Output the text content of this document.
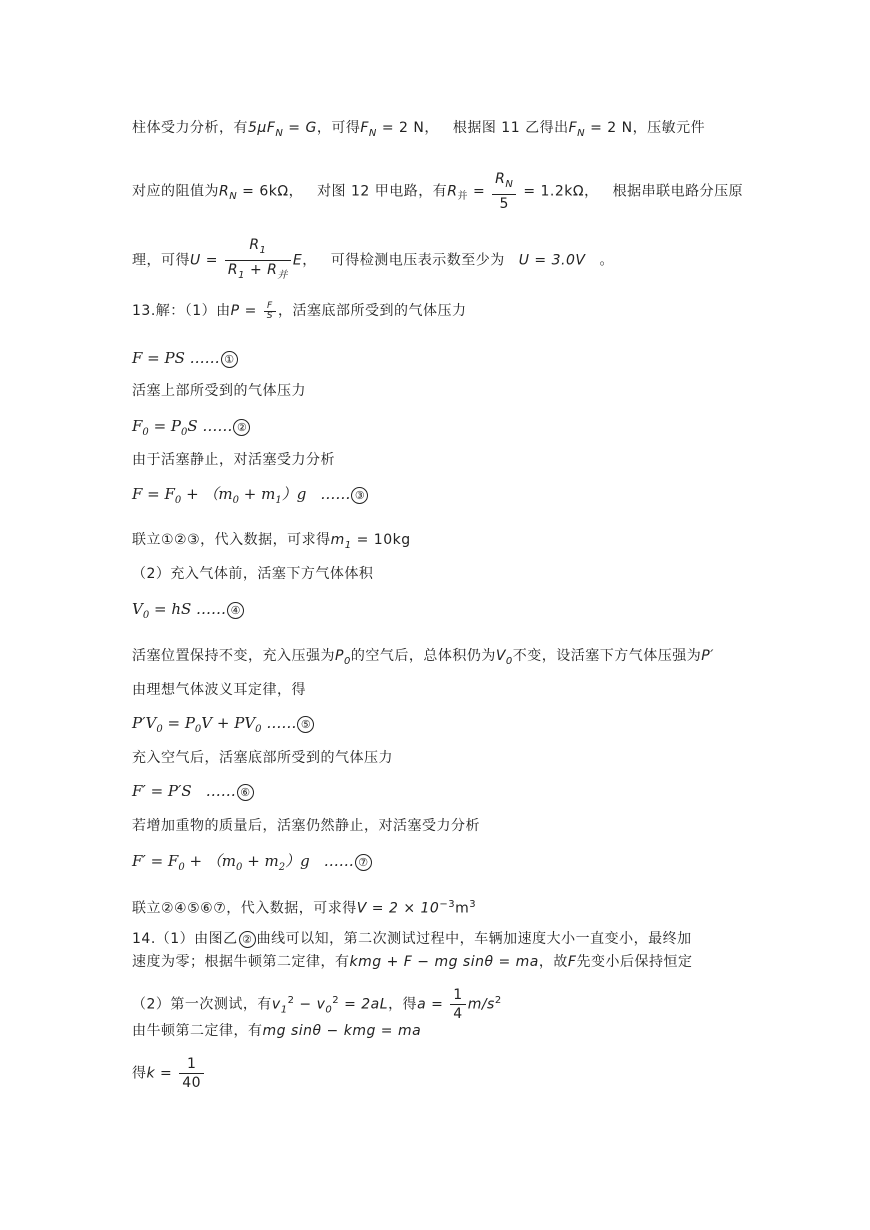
柱体受力分析，有$5\mu F_N = G$，可得$F_N = 2$ N， 根据图 11 乙得出$F_N = 2$ N，压敏元件
对应的阻值为$R_N = 6k\Omega$， 对图 12 甲电路，有$R_并 = \frac{R_N}{5} = 1.2k\Omega$， 根据串联电路分压原
理，可得$U = \frac{R_1}{R_1 + R_并}$ E， 可得检测电压表示数至少为 U = 3.0V 。
13.解：（1）由$P = \frac{F}{S}$ ，活塞底部所受到的气体压力
F = PS …… ①
活塞上部所受到的气体压力
$F_0 = P_0S$ …… ②
由于活塞静止，对活塞受力分析
$F = F_0 + (m_0 + m_1)g$ …… ③
联立①②③，代入数据，可求得$m_1 = 10kg$
（2）充入气体前，活塞下方气体体积
$V_0$ = hS …… ④
活塞位置保持不变，充入压强为$P_0$的空气后，总体积仍为$V_0$不变，设活塞下方气体压强为P′
由理想气体波义耳定律，得
$P'V_0 = P_0V + PV_0$ …… ⑤
充入空气后，活塞底部所受到的气体压力
F′ = P′S …… ⑥
若增加重物的质量后，活塞仍然静止，对活塞受力分析
$F' = F_0 + (m_0 + m_2)g$ …… ⑦
联立②④⑤⑥⑦，代入数据，可求得$V = 2 \times 10^{-3}m^3$
14.（1）由图乙 ② 曲线可以知，第二次测试过程中，车辆加速度大小一直变小，最终加
速度为零；根据牛顿第二定律，有kmg + F − mg sinθ = ma，故F先变小后保持恒定
（2）第一次测试，有$v_1^2 - v_0^2 = 2aL$，得$a = \frac{1}{4} m/s^2$
由牛顿第二定律，有mg sinθ − kmg = ma
得$k = \frac{1}{40}$
